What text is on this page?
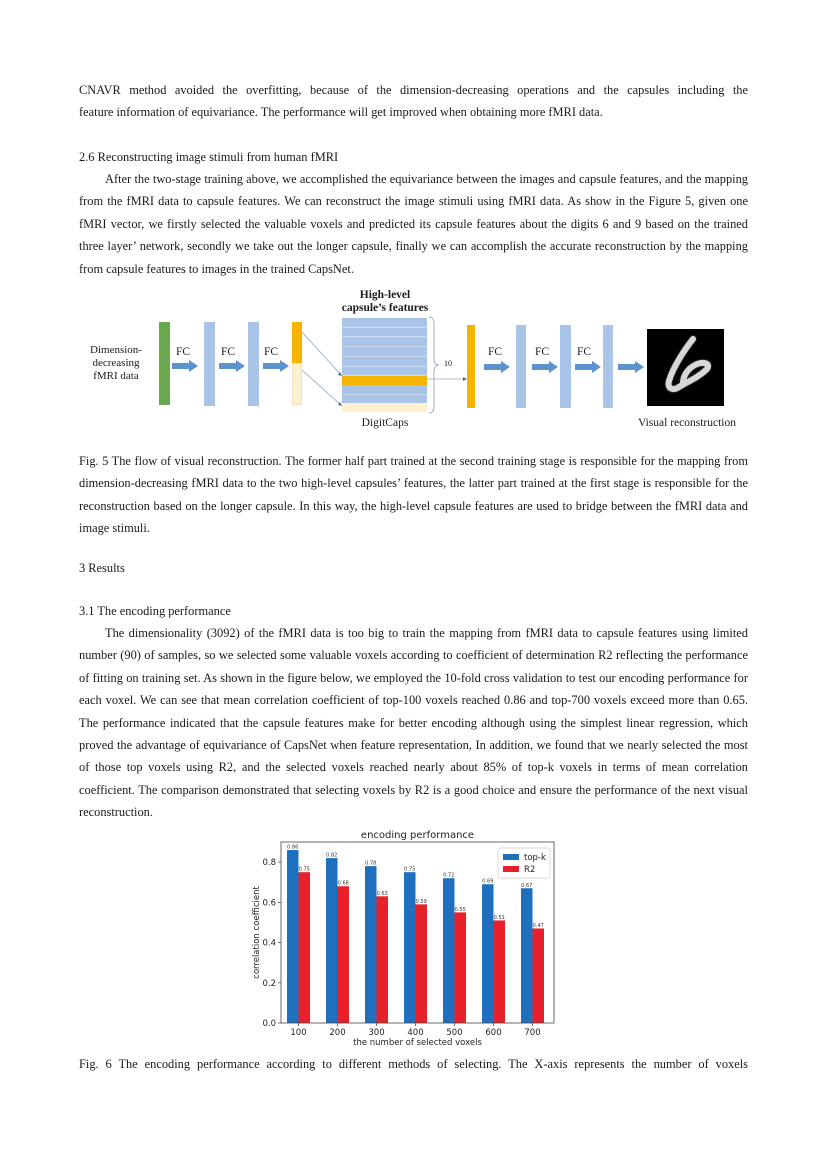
CNAVR method avoided the overfitting, because of the dimension-decreasing operations and the capsules including the
feature information of equivariance. The performance will get improved when obtaining more fMRI data.
2.6 Reconstructing image stimuli from human fMRI
After the two-stage training above, we accomplished the equivariance between the images and capsule features, and the mapping from the fMRI data to capsule features. We can reconstruct the image stimuli using fMRI data. As show in the Figure 5, given one fMRI vector, we firstly selected the valuable voxels and predicted its capsule features about the digits 6 and 9 based on the trained three layer’ network, secondly we take out the longer capsule, finally we can accomplish the accurate reconstruction by the mapping from capsule features to images in the trained CapsNet.
Dimension-
decreasing
fMRI data
FC	FC	FC
High-level
capsule’s features
10
DigitCaps
FC	FC FC
Visual reconstruction
Fig. 5 The flow of visual reconstruction. The former half part trained at the second training stage is responsible for the mapping from dimension-decreasing fMRI data to the two high-level capsules’ features, the latter part trained at the first stage is responsible for the reconstruction based on the longer capsule. In this way, the high-level capsule features are used to bridge between the fMRI data and image stimuli.
3 Results
3.1 The encoding performance
The dimensionality (3092) of the fMRI data is too big to train the mapping from fMRI data to capsule features using limited number (90) of samples, so we selected some valuable voxels according to coefficient of determination R2 reflecting the performance of fitting on training set. As shown in the figure below, we employed the 10-fold cross validation to test our encoding performance for each voxel. We can see that mean correlation coefficient of top-100 voxels reached 0.86 and top-700 voxels exceed more than 0.65. The performance indicated that the capsule features make for better encoding although using the simplest linear regression, which proved the advantage of equivariance of CapsNet when feature representation, In addition, we found that we nearly selected the most of those top voxels using R2, and the selected voxels reached nearly about 85% of top-k voxels in terms of mean correlation coefficient. The comparison demonstrated that selecting voxels by R2 is a good choice and ensure the performance of the next visual reconstruction.
encoding performance
0.86
0.75
100
0.82
0.68
200
0.78
0.63
300
0.75
0.59
400
0.72
0.55
500
0.69
0.51
600
0.67
0.47
700
0.0
0.2
0.4
0.6
0.8
the number of selected voxels
correlation coefficient
top-k
R2
Fig. 6 The encoding performance according to different methods of selecting. The X-axis represents the number of voxels
